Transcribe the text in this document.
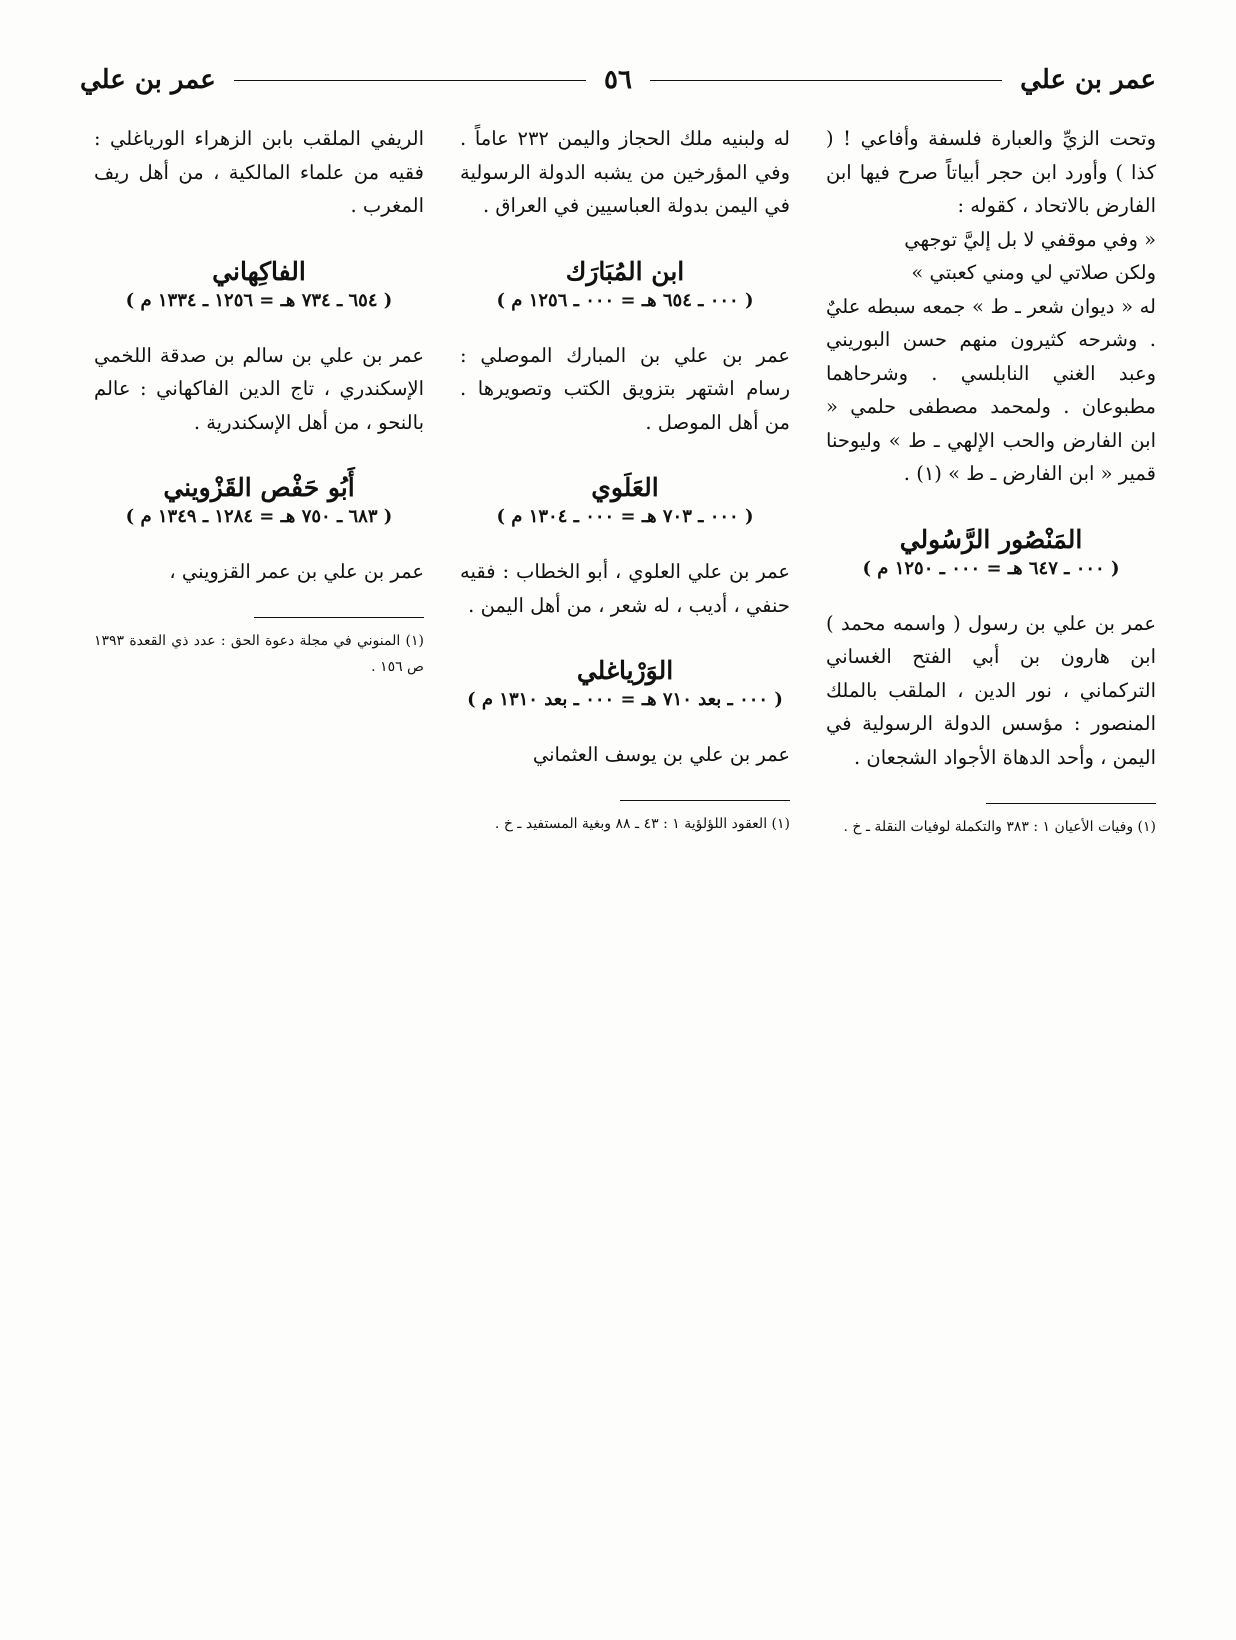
عمر بن علي
٥٦
عمر بن علي

وتحت الزيِّ والعبارة فلسفة وأفاعي ! ( كذا ) وأورد ابن حجر أبياتاً صرح فيها ابن الفارض بالاتحاد ، كقوله :

« وفي موقفي لا بل إليَّ توجهي

ولكن صلاتي لي ومني كعبتي »

له « ديوان شعر ـ ط » جمعه سبطه عليٌ . وشرحه كثيرون منهم حسن البوريني وعبد الغني النابلسي . وشرحاهما مطبوعان . ولمحمد مصطفى حلمي « ابن الفارض والحب الإلهي ـ ط » وليوحنا قمير « ابن الفارض ـ ط » (١) .

المَنْصُور الرَّسُولي
( ٠٠٠ ـ ٦٤٧ هـ = ٠٠٠ ـ ١٢٥٠ م )

عمر بن علي بن رسول ( واسمه محمد ) ابن هارون بن أبي الفتح الغساني التركماني ، نور الدين ، الملقب بالملك المنصور : مؤسس الدولة الرسولية في اليمن ، وأحد الدهاة الأجواد الشجعان .

(١) وفيات الأعيان ١ : ٣٨٣ والتكملة لوفيات النقلة ـ خ .

له ولبنيه ملك الحجاز واليمن ٢٣٢ عاماً . وفي المؤرخين من يشبه الدولة الرسولية في اليمن بدولة العباسيين في العراق .

ابن المُبَارَك
( ٠٠٠ ـ ٦٥٤ هـ = ٠٠٠ ـ ١٢٥٦ م )

عمر بن علي بن المبارك الموصلي : رسام اشتهر بتزويق الكتب وتصويرها . من أهل الموصل .

العَلَوي
( ٠٠٠ ـ ٧٠٣ هـ = ٠٠٠ ـ ١٣٠٤ م )

عمر بن علي العلوي ، أبو الخطاب : فقيه حنفي ، أديب ، له شعر ، من أهل اليمن .

الوَرْياغلي
( ٠٠٠ ـ بعد ٧١٠ هـ = ٠٠٠ ـ بعد ١٣١٠ م )

عمر بن علي بن يوسف العثماني

(١) العقود اللؤلؤية ١ : ٤٣ ـ ٨٨ وبغية المستفيد ـ خ .

الريفي الملقب بابن الزهراء الورياغلي : فقيه من علماء المالكية ، من أهل ريف المغرب .

الفاكِهاني
( ٦٥٤ ـ ٧٣٤ هـ = ١٢٥٦ ـ ١٣٣٤ م )

عمر بن علي بن سالم بن صدقة اللخمي الإسكندري ، تاج الدين الفاكهاني : عالم بالنحو ، من أهل الإسكندرية .

أَبُو حَفْص القَزْويني
( ٦٨٣ ـ ٧٥٠ هـ = ١٢٨٤ ـ ١٣٤٩ م )

عمر بن علي بن عمر القزويني ،

(١) المنوني في مجلة دعوة الحق : عدد ذي القعدة ١٣٩٣ ص ١٥٦ .
